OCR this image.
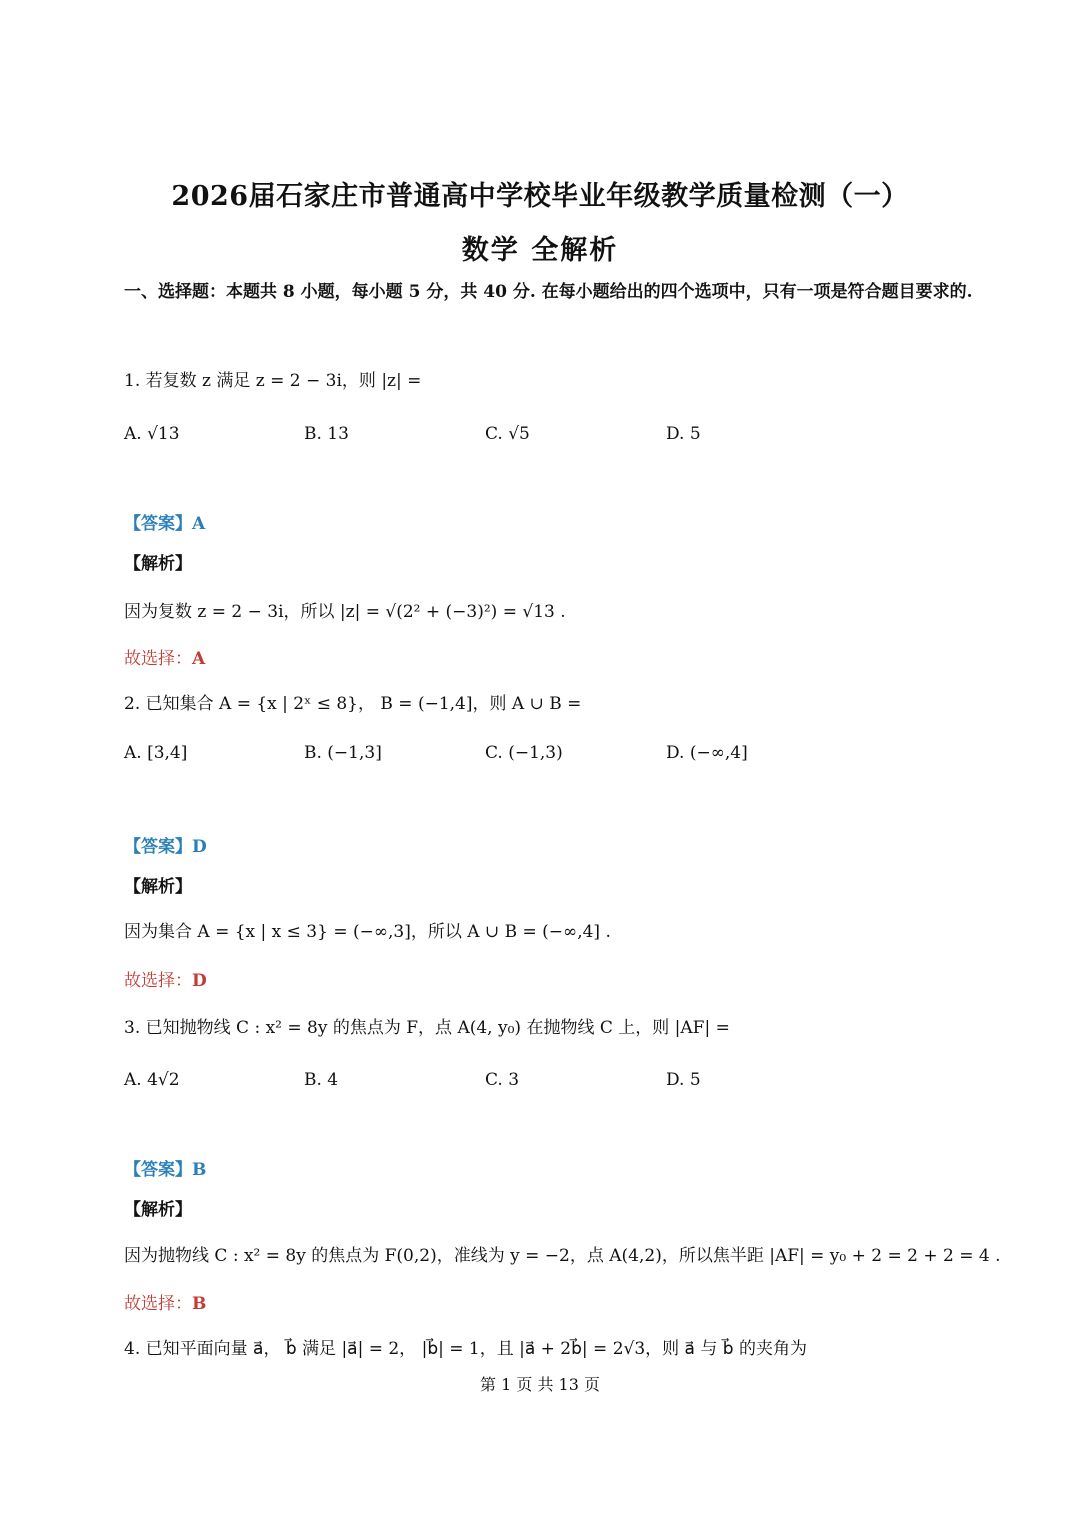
2026届石家庄市普通高中学校毕业年级教学质量检测（一）
数学 全解析
一、选择题：本题共 8 小题，每小题 5 分，共 40 分. 在每小题给出的四个选项中，只有一项是符合题目要求的.
1. 若复数 z 满足 z = 2 − 3i，则 |z| =
A. √13	B. 13	C. √5	D. 5
【答案】A
【解析】
因为复数 z = 2 − 3i，所以 |z| = √(2² + (−3)²) = √13 .
故选择：A
2. 已知集合 A = {x | 2ˣ ≤ 8}， B = (−1,4]，则 A ∪ B =
A. [3,4]	B. (−1,3]	C. (−1,3)	D. (−∞,4]
【答案】D
【解析】
因为集合 A = {x | x ≤ 3} = (−∞,3]，所以 A ∪ B = (−∞,4] .
故选择：D
3. 已知抛物线 C : x² = 8y 的焦点为 F，点 A(4, y₀) 在抛物线 C 上，则 |AF| =
A. 4√2	B. 4	C. 3	D. 5
【答案】B
【解析】
因为抛物线 C : x² = 8y 的焦点为 F(0,2)，准线为 y = −2，点 A(4,2)，所以焦半距 |AF| = y₀ + 2 = 2 + 2 = 4 .
故选择：B
4. 已知平面向量 a⃗， b⃗ 满足 |a⃗| = 2， |b⃗| = 1，且 |a⃗ + 2b⃗| = 2√3，则 a⃗ 与 b⃗ 的夹角为
第 1 页 共 13 页
